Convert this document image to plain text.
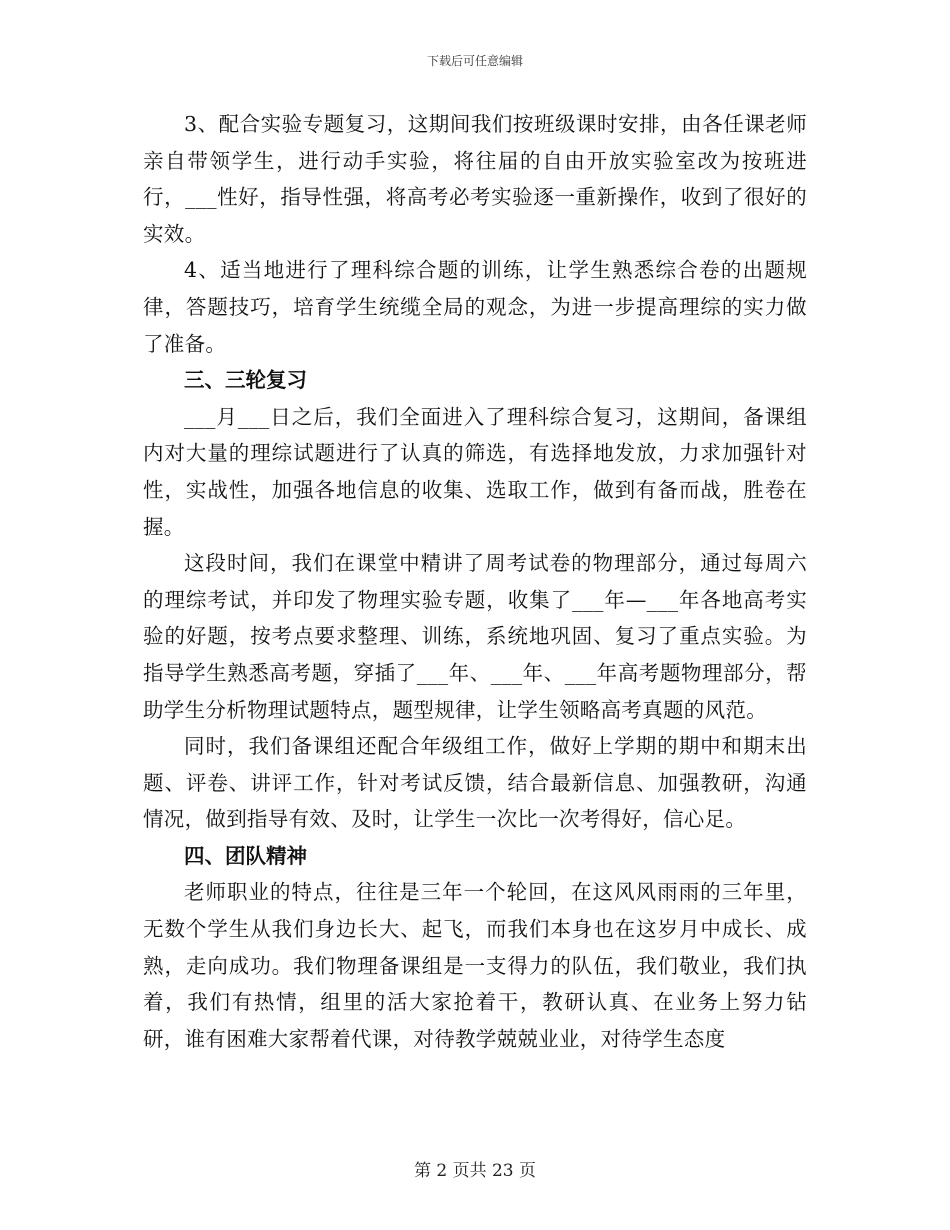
下载后可任意编辑

3、配合实验专题复习，这期间我们按班级课时安排，由各任课老师亲自带领学生，进行动手实验，将往届的自由开放实验室改为按班进行，___性好，指导性强，将高考必考实验逐一重新操作，收到了很好的实效。

4、适当地进行了理科综合题的训练，让学生熟悉综合卷的出题规律，答题技巧，培育学生统缆全局的观念，为进一步提高理综的实力做了准备。

三、三轮复习

___月___日之后，我们全面进入了理科综合复习，这期间，备课组内对大量的理综试题进行了认真的筛选，有选择地发放，力求加强针对性，实战性，加强各地信息的收集、选取工作，做到有备而战，胜卷在握。

这段时间，我们在课堂中精讲了周考试卷的物理部分，通过每周六的理综考试，并印发了物理实验专题，收集了___年—___年各地高考实验的好题，按考点要求整理、训练，系统地巩固、复习了重点实验。为指导学生熟悉高考题，穿插了___年、___年、___年高考题物理部分，帮助学生分析物理试题特点，题型规律，让学生领略高考真题的风范。

同时，我们备课组还配合年级组工作，做好上学期的期中和期末出题、评卷、讲评工作，针对考试反馈，结合最新信息、加强教研，沟通情况，做到指导有效、及时，让学生一次比一次考得好，信心足。

四、团队精神

老师职业的特点，往往是三年一个轮回，在这风风雨雨的三年里，无数个学生从我们身边长大、起飞，而我们本身也在这岁月中成长、成熟，走向成功。我们物理备课组是一支得力的队伍，我们敬业，我们执着，我们有热情，组里的活大家抢着干，教研认真、在业务上努力钻研，谁有困难大家帮着代课，对待教学兢兢业业，对待学生态度

第 2 页共 23 页
